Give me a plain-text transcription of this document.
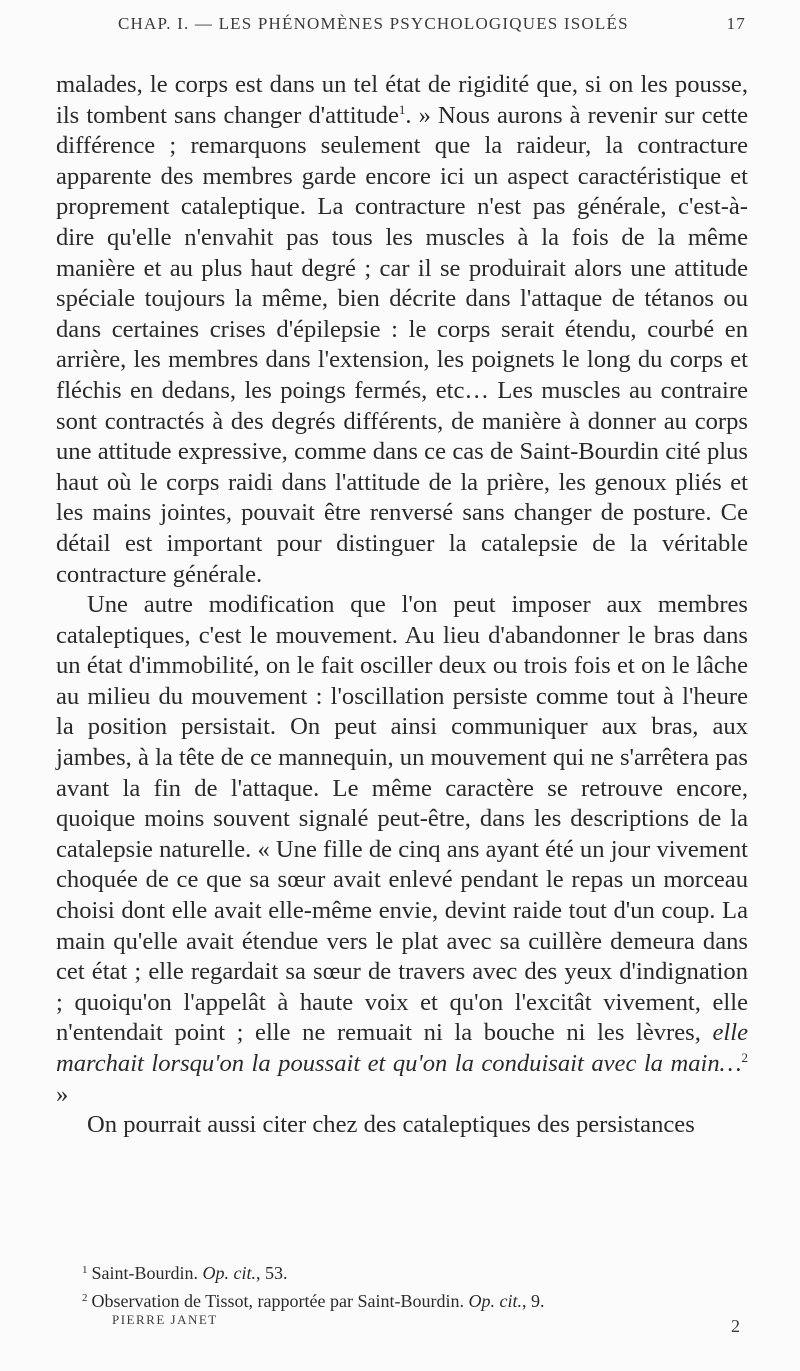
CHAP. I. — LES PHÉNOMÈNES PSYCHOLOGIQUES ISOLÉS	17

malades, le corps est dans un tel état de rigidité que, si on les pousse, ils tombent sans changer d'attitude$^1$. » Nous aurons à revenir sur cette différence ; remarquons seulement que la raideur, la contracture apparente des membres garde encore ici un aspect caractéristique et proprement cataleptique. La contracture n'est pas générale, c'est-à-dire qu'elle n'envahit pas tous les muscles à la fois de la même manière et au plus haut degré ; car il se produirait alors une attitude spéciale toujours la même, bien décrite dans l'attaque de tétanos ou dans certaines crises d'épilepsie : le corps serait étendu, courbé en arrière, les membres dans l'extension, les poignets le long du corps et fléchis en dedans, les poings fermés, etc… Les muscles au contraire sont contractés à des degrés différents, de manière à donner au corps une attitude expressive, comme dans ce cas de Saint-Bourdin cité plus haut où le corps raidi dans l'attitude de la prière, les genoux pliés et les mains jointes, pouvait être renversé sans changer de posture. Ce détail est important pour distinguer la catalepsie de la véritable contracture générale.

Une autre modification que l'on peut imposer aux membres cataleptiques, c'est le mouvement. Au lieu d'abandonner le bras dans un état d'immobilité, on le fait osciller deux ou trois fois et on le lâche au milieu du mouvement : l'oscillation persiste comme tout à l'heure la position persistait. On peut ainsi communiquer aux bras, aux jambes, à la tête de ce mannequin, un mouvement qui ne s'arrêtera pas avant la fin de l'attaque. Le même caractère se retrouve encore, quoique moins souvent signalé peut-être, dans les descriptions de la catalepsie naturelle. « Une fille de cinq ans ayant été un jour vivement choquée de ce que sa sœur avait enlevé pendant le repas un morceau choisi dont elle avait elle-même envie, devint raide tout d'un coup. La main qu'elle avait étendue vers le plat avec sa cuillère demeura dans cet état ; elle regardait sa sœur de travers avec des yeux d'indignation ; quoiqu'on l'appelât à haute voix et qu'on l'excitât vivement, elle n'entendait point ; elle ne remuait ni la bouche ni les lèvres, elle marchait lorsqu'on la poussait et qu'on la conduisait avec la main…$^2$ »

On pourrait aussi citer chez des cataleptiques des persistances

$^1$ Saint-Bourdin. Op. cit., 53.

$^2$ Observation de Tissot, rapportée par Saint-Bourdin. Op. cit., 9.

PIERRE JANET	2
